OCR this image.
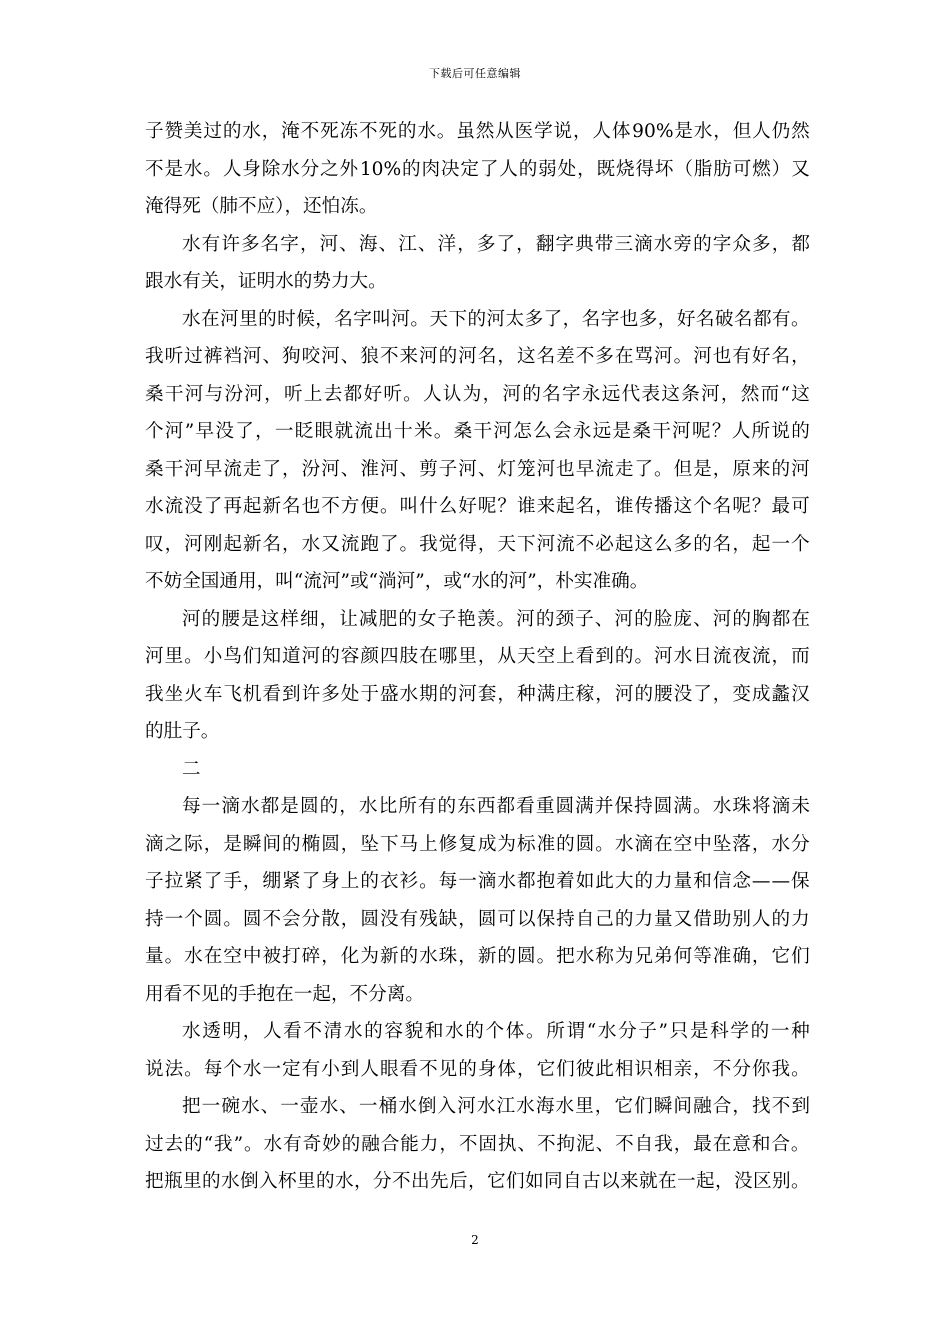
下载后可任意编辑
子 赞 美 过 的 水 ， 淹 不 死 冻 不 死 的 水 。 虽 然 从 医 学 说 ， 人 体 90% 是 水 ， 但 人 仍 然
不 是 水 。 人 身 除 水 分 之 外 10% 的 肉 决 定 了 人 的 弱 处 ， 既 烧 得 坏 （ 脂 肪 可 燃 ） 又
淹得死（肺不应），还怕冻。
水 有 许 多 名 字 ， 河 、 海 、 江 、 洋 ， 多 了 ， 翻 字 典 带 三 滴 水 旁 的 字 众 多 ， 都
跟水有关，证明水的势力大。
水 在 河 里 的 时 候 ， 名 字 叫 河 。 天 下 的 河 太 多 了 ， 名 字 也 多 ， 好 名 破 名 都 有 。
我 听 过 裤 裆 河 、 狗 咬 河 、 狼 不 来 河 的 河 名 ， 这 名 差 不 多 在 骂 河 。 河 也 有 好 名 ，
桑 干 河 与 汾 河 ， 听 上 去 都 好 听 。 人 认 为 ， 河 的 名 字 永 远 代 表 这 条 河 ， 然 而 “ 这
个 河 ” 早 没 了 ， 一 眨 眼 就 流 出 十 米 。 桑 干 河 怎 么 会 永 远 是 桑 干 河 呢 ？ 人 所 说 的
桑 干 河 早 流 走 了 ， 汾 河 、 淮 河 、 剪 子 河 、 灯 笼 河 也 早 流 走 了 。 但 是 ， 原 来 的 河
水 流 没 了 再 起 新 名 也 不 方 便 。 叫 什 么 好 呢 ？ 谁 来 起 名 ， 谁 传 播 这 个 名 呢 ？ 最 可
叹 ， 河 刚 起 新 名 ， 水 又 流 跑 了 。 我 觉 得 ， 天 下 河 流 不 必 起 这 么 多 的 名 ， 起 一 个
不妨全国通用，叫“流河”或“淌河”，或“水的河”，朴实准确。
河 的 腰 是 这 样 细 ， 让 减 肥 的 女 子 艳 羡 。 河 的 颈 子 、 河 的 脸 庞 、 河 的 胸 都 在
河 里 。 小 鸟 们 知 道 河 的 容 颜 四 肢 在 哪 里 ， 从 天 空 上 看 到 的 。 河 水 日 流 夜 流 ， 而
我 坐 火 车 飞 机 看 到 许 多 处 于 盛 水 期 的 河 套 ， 种 满 庄 稼 ， 河 的 腰 没 了 ， 变 成 蠡 汉
的肚子。
二
每 一 滴 水 都 是 圆 的 ， 水 比 所 有 的 东 西 都 看 重 圆 满 并 保 持 圆 满 。 水 珠 将 滴 未
滴 之 际 ， 是 瞬 间 的 椭 圆 ， 坠 下 马 上 修 复 成 为 标 准 的 圆 。 水 滴 在 空 中 坠 落 ， 水 分
子 拉 紧 了 手 ， 绷 紧 了 身 上 的 衣 衫 。 每 一 滴 水 都 抱 着 如 此 大 的 力 量 和 信 念 — — 保
持 一 个 圆 。 圆 不 会 分 散 ， 圆 没 有 残 缺 ， 圆 可 以 保 持 自 己 的 力 量 又 借 助 别 人 的 力
量 。 水 在 空 中 被 打 碎 ， 化 为 新 的 水 珠 ， 新 的 圆 。 把 水 称 为 兄 弟 何 等 准 确 ， 它 们
用看不见的手抱在一起，不分离。
水 透 明 ， 人 看 不 清 水 的 容 貌 和 水 的 个 体 。 所 谓 “ 水 分 子 ” 只 是 科 学 的 一 种
说 法 。 每 个 水 一 定 有 小 到 人 眼 看 不 见 的 身 体 ， 它 们 彼 此 相 识 相 亲 ， 不 分 你 我 。
把 一 碗 水 、 一 壶 水 、 一 桶 水 倒 入 河 水 江 水 海 水 里 ， 它 们 瞬 间 融 合 ， 找 不 到
过 去 的 “ 我 ” 。 水 有 奇 妙 的 融 合 能 力 ， 不 固 执 、 不 拘 泥 、 不 自 我 ， 最 在 意 和 合 。
把 瓶 里 的 水 倒 入 杯 里 的 水 ， 分 不 出 先 后 ， 它 们 如 同 自 古 以 来 就 在 一 起 ， 没 区 别 。
2
